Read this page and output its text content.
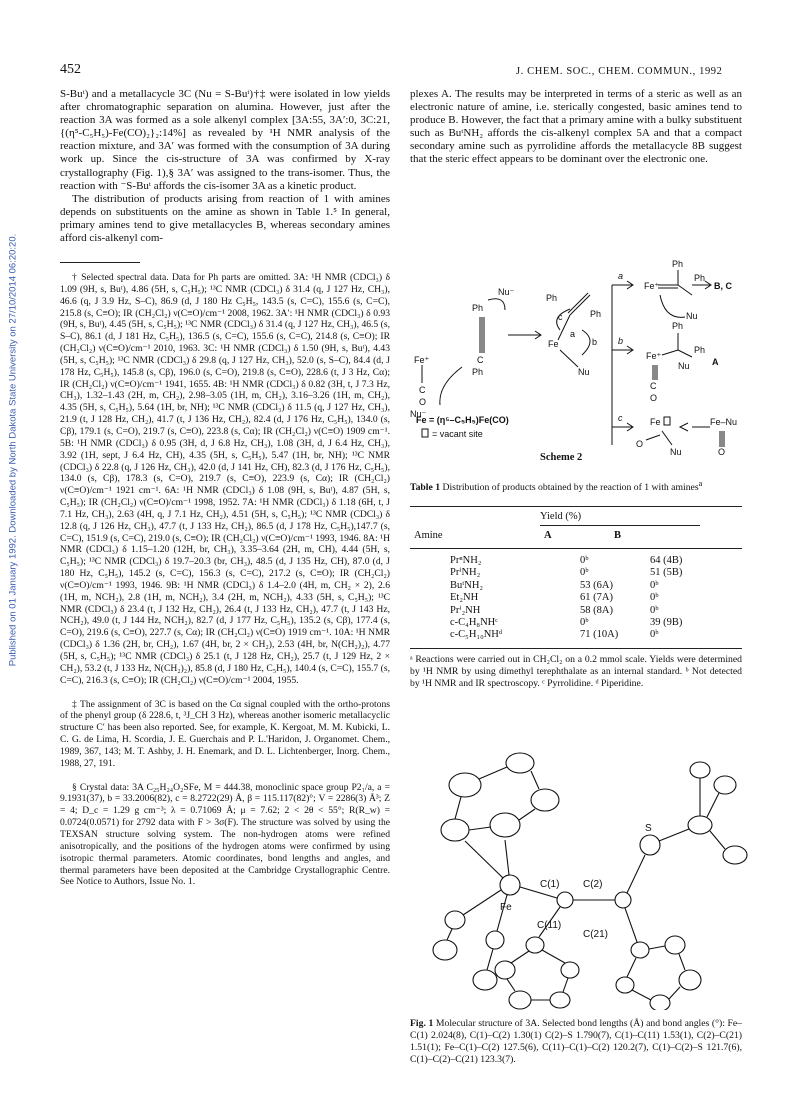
452	J. CHEM. SOC., CHEM. COMMUN., 1992
Published on 01 January 1992. Downloaded by North Dakota State University on 27/10/2014 06:20:20.

S-Buᵗ) and a metallacycle 3C (Nu = S-Buᵗ)†‡ were isolated in low yields after chromatographic separation on alumina. However, just after the reaction 3A was formed as a sole alkenyl complex [3A:55, 3A′:0, 3C:21, {(η⁵-C₅H₅)-Fe(CO)₂}₂:14%] as revealed by ¹H NMR analysis of the reaction mixture, and 3A′ was formed with the consumption of 3A during work up. Since the cis-structure of 3A was confirmed by X-ray crystallography (Fig. 1),§ 3A′ was assigned to the trans-isomer. Thus, the reaction with ⁻S-Buᵗ affords the cis-isomer 3A as a kinetic product.

The distribution of products arising from reaction of 1 with amines depends on substituents on the amine as shown in Table 1.⁵ In general, primary amines tend to give metallacycles B, whereas secondary amines afford cis-alkenyl com-

† Selected spectral data. Data for Ph parts are omitted. 3A: ¹H NMR (CDCl₃) δ 1.09 (9H, s, Buᵗ), 4.86 (5H, s, C₅H₅); ¹³C NMR (CDCl₃) δ 31.4 (q, J 127 Hz, CH₃), 46.6 (q, J 3.9 Hz, S–C), 86.9 (d, J 180 Hz C₅H₅, 143.5 (s, C=C), 155.6 (s, C=C), 215.8 (s, C≡O); IR (CH₂Cl₂) ν(C≡O)/cm⁻¹ 2008, 1962. 3A′: ¹H NMR (CDCl₃) δ 0.93 (9H, s, Buᵗ), 4.45 (5H, s, C₅H₅); ¹³C NMR (CDCl₃) δ 31.4 (q, J 127 Hz, CH₃), 46.5 (s, S–C), 86.1 (d, J 181 Hz, C₅H₅), 136.5 (s, C=C), 155.6 (s, C=C), 214.8 (s, C≡O); IR (CH₂Cl₂) ν(C≡O)/cm⁻¹ 2010, 1963. 3C: ¹H NMR (CDCl₃) δ 1.50 (9H, s, Buᵗ), 4.43 (5H, s, C₅H₅); ¹³C NMR (CDCl₃) δ 29.8 (q, J 127 Hz, CH₃), 52.0 (s, S–C), 84.4 (d, J 178 Hz, C₅H₅), 145.8 (s, Cβ), 196.0 (s, C=O), 219.8 (s, C≡O), 228.6 (t, J 3 Hz, Cα); IR (CH₂Cl₂) ν(C≡O)/cm⁻¹ 1941, 1655. 4B: ¹H NMR (CDCl₃) δ 0.82 (3H, t, J 7.3 Hz, CH₃), 1.32–1.43 (2H, m, CH₂), 2.98–3.05 (1H, m, CH₂), 3.16–3.26 (1H, m, CH₂), 4.35 (5H, s, C₅H₅), 5.64 (1H, br, NH); ¹³C NMR (CDCl₃) δ 11.5 (q, J 127 Hz, CH₃), 21.9 (t, J 128 Hz, CH₂), 41.7 (t, J 136 Hz, CH₂), 82.4 (d, J 176 Hz, C₅H₅), 134.0 (s, Cβ), 179.1 (s, C=O), 219.7 (s, C≡O), 223.8 (s, Cα); IR (CH₂Cl₂) ν(C≡O) 1909 cm⁻¹. 5B: ¹H NMR (CDCl₃) δ 0.95 (3H, d, J 6.8 Hz, CH₃), 1.08 (3H, d, J 6.4 Hz, CH₃), 3.92 (1H, sept, J 6.4 Hz, CH), 4.35 (5H, s, C₅H₅), 5.47 (1H, br, NH); ¹³C NMR (CDCl₃) δ 22.8 (q, J 126 Hz, CH₃), 42.0 (d, J 141 Hz, CH), 82.3 (d, J 176 Hz, C₅H₅), 134.0 (s, Cβ), 178.3 (s, C=O), 219.7 (s, C≡O), 223.9 (s, Cα); IR (CH₂Cl₂) ν(C≡O)/cm⁻¹ 1921 cm⁻¹. 6A: ¹H NMR (CDCl₃) δ 1.08 (9H, s, Buᵗ), 4.87 (5H, s, C₅H₅); IR (CH₂Cl₂) ν(C≡O)/cm⁻¹ 1998, 1952. 7A: ¹H NMR (CDCl₃) δ 1.18 (6H, t, J 7.1 Hz, CH₃), 2.63 (4H, q, J 7.1 Hz, CH₂), 4.51 (5H, s, C₅H₅); ¹³C NMR (CDCl₃) δ 12.8 (q, J 126 Hz, CH₃), 47.7 (t, J 133 Hz, CH₂), 86.5 (d, J 178 Hz, C₅H₅),147.7 (s, C=C), 151.9 (s, C=C), 219.0 (s, C≡O); IR (CH₂Cl₂) ν(C≡O)/cm⁻¹ 1993, 1946. 8A: ¹H NMR (CDCl₃) δ 1.15–1.20 (12H, br, CH₃), 3.35–3.64 (2H, m, CH), 4.44 (5H, s, C₅H₅); ¹³C NMR (CDCl₃) δ 19.7–20.3 (br, CH₃), 48.5 (d, J 135 Hz, CH), 87.0 (d, J 180 Hz, C₅H₅), 145.2 (s, C=C), 156.3 (s, C=C), 217.2 (s, C≡O); IR (CH₂Cl₂) ν(C≡O)/cm⁻¹ 1993, 1946. 9B: ¹H NMR (CDCl₃) δ 1.4–2.0 (4H, m, CH₂ × 2), 2.6 (1H, m, NCH₂), 2.8 (1H, m, NCH₂), 3.4 (2H, m, NCH₂), 4.33 (5H, s, C₅H₅); ¹³C NMR (CDCl₃) δ 23.4 (t, J 132 Hz, CH₂), 26.4 (t, J 133 Hz, CH₂), 47.7 (t, J 143 Hz, NCH₂), 49.0 (t, J 144 Hz, NCH₂), 82.7 (d, J 177 Hz, C₅H₅), 135.2 (s, Cβ), 177.4 (s, C=O), 219.6 (s, C≡O), 227.7 (s, Cα); IR (CH₂Cl₂) ν(C≡O) 1919 cm⁻¹. 10A: ¹H NMR (CDCl₃) δ 1.36 (2H, br, CH₂), 1.67 (4H, br, 2 × CH₂), 2.53 (4H, br, N(CH₂)₂), 4.77 (5H, s, C₅H₅); ¹³C NMR (CDCl₃) δ 25.1 (t, J 128 Hz, CH₂), 25.7 (t, J 129 Hz, 2 × CH₂), 53.2 (t, J 133 Hz, N(CH₂)₂), 85.8 (d, J 180 Hz, C₅H₅), 140.4 (s, C=C), 155.7 (s, C=C), 216.3 (s, C≡O); IR (CH₂Cl₂) ν(C≡O)/cm⁻¹ 2004, 1955.

‡ The assignment of 3C is based on the Cα signal coupled with the ortho-protons of the phenyl group (δ 228.6, t, ³J_CH 3 Hz), whereas another isomeric metallacyclic structure C′ has been also reported. See, for example, K. Kergoat, M. M. Kubicki, L. C. G. de Lima, H. Scordia, J. E. Guerchais and P. L.'Haridon, J. Organomet. Chem., 1989, 367, 143; M. T. Ashby, J. H. Enemark, and D. L. Lichtenberger, Inorg. Chem., 1988, 27, 191.

§ Crystal data: 3A C₂₅H₂₄O₂SFe, M = 444.38, monoclinic space group P2₁/a, a = 9.1931(37), b = 33.2006(82), c = 8.2722(29) Å, β = 115.117(82)°; V = 2286(3) Å³; Z = 4; D_c = 1.29 g cm⁻³; λ = 0.71069 Å; μ = 7.62; 2 < 2θ < 55°; R(R_w) = 0.0724(0.0571) for 2792 data with F > 3σ(F). The structure was solved by using the TEXSAN structure solving system. The non-hydrogen atoms were refined anisotropically, and the positions of the hydrogen atoms were confirmed by using isotropic thermal parameters. Atomic coordinates, bond lengths and angles, and thermal parameters have been deposited at the Cambridge Crystallographic Centre. See Notice to Authors, Issue No. 1.

plexes A. The results may be interpreted in terms of a steric as well as an electronic nature of amine, i.e. sterically congested, basic amines tend to produce B. However, the fact that a primary amine with a bulky substituent such as BuᵗNH₂ affords the cis-alkenyl complex 5A and that a compact secondary amine such as pyrrolidine affords the metallacycle 8B suggest that the steric effect appears to be dominant over the electronic one.

Fe⁺
C
O
Nu⁻
Ph
C
Ph
Nu⁻
Ph
Ph
Fe
Nu
c
a
b
a
b
c
Fe⁺
Ph
Ph
Nu
B, C
Ph
Fe⁺
Ph
Nu
C
O
A
Fe	Fe–Nu
O
O
Nu
Fe = (η⁵–C₅H₅)Fe(CO)
= vacant site
Scheme 2
Table 1 Distribution of products obtained by the reaction of 1 with amines$^a$
Yield (%)
Amine	A	B
PrⁿNH₂	0ᵇ	64 (4B)
PrⁱNH₂	0ᵇ	51 (5B)
BuᵗNH₂	53 (6A)	0ᵇ
Et₂NH	61 (7A)	0ᵇ
Prⁱ₂NH	58 (8A)	0ᵇ
c-C₄H₈NHᶜ	0ᵇ	39 (9B)
c-C₅H₁₀NHᵈ	71 (10A)	0ᵇ
ᵃ Reactions were carried out in CH₂Cl₂ on a 0.2 mmol scale. Yields were determined by ¹H NMR by using dimethyl terephthalate as an internal standard. ᵇ Not detected by ¹H NMR and IR spectroscopy. ᶜ Pyrrolidine. ᵈ Piperidine.
S
Fe
C(1) C(2)
C(21)
C(11)
Fig. 1 Molecular structure of 3A. Selected bond lengths (Å) and bond angles (°): Fe–C(1) 2.024(8), C(1)–C(2) 1.30(1) C(2)–S 1.790(7), C(1)–C(11) 1.53(1), C(2)–C(21) 1.51(1); Fe–C(1)–C(2) 127.5(6), C(11)–C(1)–C(2) 120.2(7), C(1)–C(2)–S 121.7(6), C(1)–C(2)–C(21) 123.3(7).
